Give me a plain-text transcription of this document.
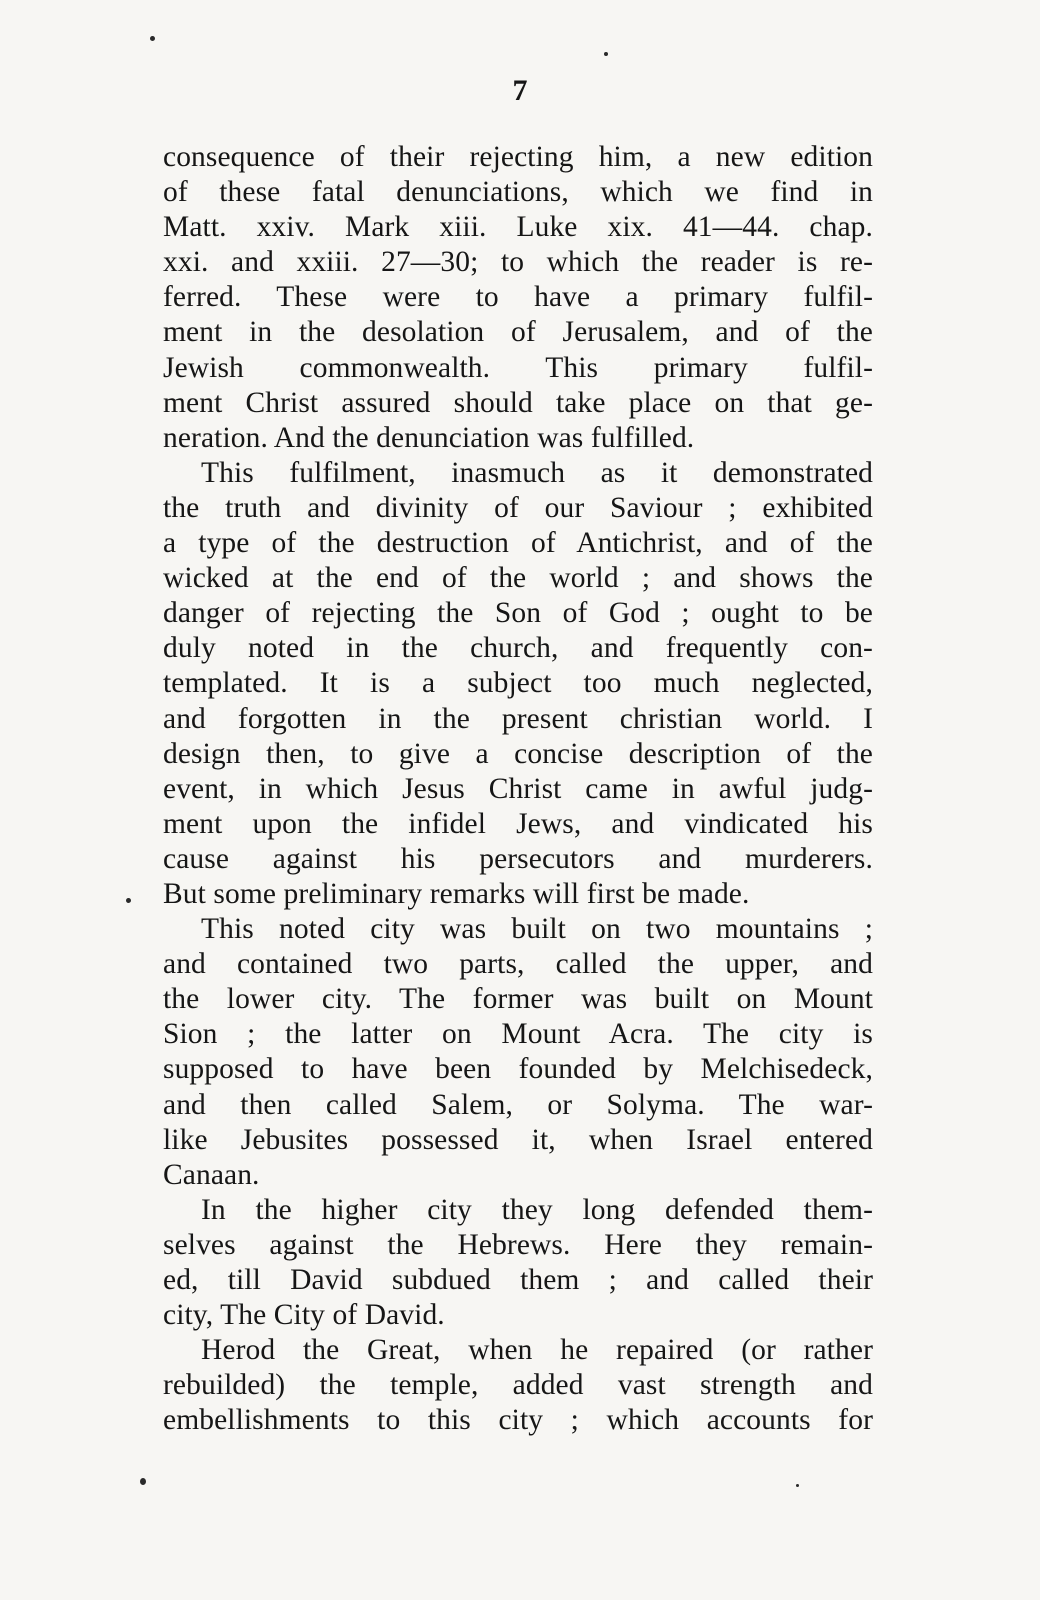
7
consequence of their rejecting him, a new edition
of these fatal denunciations, which we find in
Matt. xxiv. Mark xiii. Luke xix. 41—44. chap.
xxi. and xxiii. 27—30; to which the reader is re-
ferred. These were to have a primary fulfil-
ment in the desolation of Jerusalem, and of the
Jewish commonwealth. This primary fulfil-
ment Christ assured should take place on that ge-
neration. And the denunciation was fulfilled.
This fulfilment, inasmuch as it demonstrated
the truth and divinity of our Saviour ; exhibited
a type of the destruction of Antichrist, and of the
wicked at the end of the world ; and shows the
danger of rejecting the Son of God ; ought to be
duly noted in the church, and frequently con-
templated. It is a subject too much neglected,
and forgotten in the present christian world. I
design then, to give a concise description of the
event, in which Jesus Christ came in awful judg-
ment upon the infidel Jews, and vindicated his
cause against his persecutors and murderers.
But some preliminary remarks will first be made.
This noted city was built on two mountains ;
and contained two parts, called the upper, and
the lower city. The former was built on Mount
Sion ; the latter on Mount Acra. The city is
supposed to have been founded by Melchisedeck,
and then called Salem, or Solyma. The war-
like Jebusites possessed it, when Israel entered
Canaan.
In the higher city they long defended them-
selves against the Hebrews. Here they remain-
ed, till David subdued them ; and called their
city, The City of David.
Herod the Great, when he repaired (or rather
rebuilded) the temple, added vast strength and
embellishments to this city ; which accounts for
